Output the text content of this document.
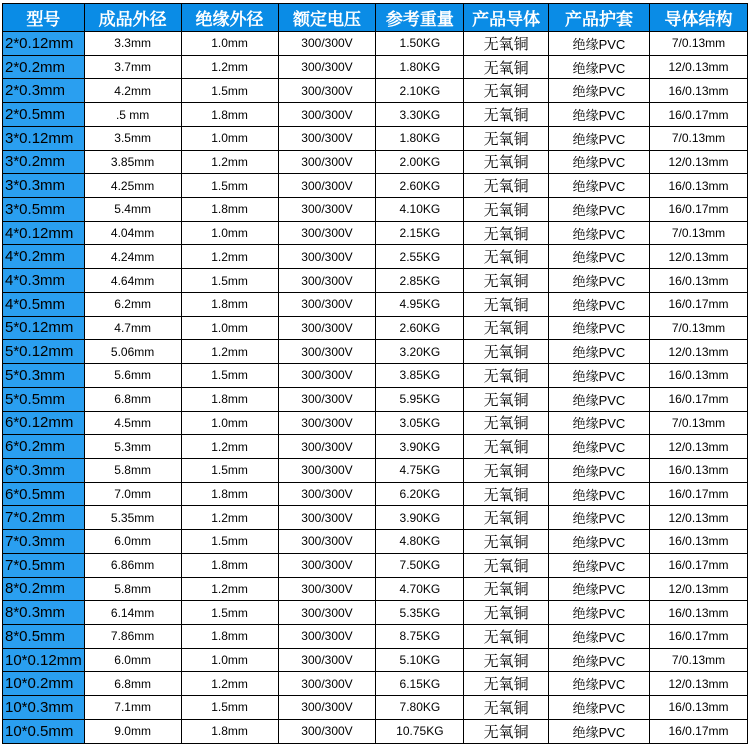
型号	成品外径	绝缘外径	额定电压	参考重量	产品导体	产品护套	导体结构
2*0.12mm	3.3mm	1.0mm	300/300V	1.50KG	无氧铜	绝缘PVC	7/0.13mm
2*0.2mm	3.7mm	1.2mm	300/300V	1.80KG	无氧铜	绝缘PVC	12/0.13mm
2*0.3mm	4.2mm	1.5mm	300/300V	2.10KG	无氧铜	绝缘PVC	16/0.13mm
2*0.5mm	.5 mm	1.8mm	300/300V	3.30KG	无氧铜	绝缘PVC	16/0.17mm
3*0.12mm	3.5mm	1.0mm	300/300V	1.80KG	无氧铜	绝缘PVC	7/0.13mm
3*0.2mm	3.85mm	1.2mm	300/300V	2.00KG	无氧铜	绝缘PVC	12/0.13mm
3*0.3mm	4.25mm	1.5mm	300/300V	2.60KG	无氧铜	绝缘PVC	16/0.13mm
3*0.5mm	5.4mm	1.8mm	300/300V	4.10KG	无氧铜	绝缘PVC	16/0.17mm
4*0.12mm	4.04mm	1.0mm	300/300V	2.15KG	无氧铜	绝缘PVC	7/0.13mm
4*0.2mm	4.24mm	1.2mm	300/300V	2.55KG	无氧铜	绝缘PVC	12/0.13mm
4*0.3mm	4.64mm	1.5mm	300/300V	2.85KG	无氧铜	绝缘PVC	16/0.13mm
4*0.5mm	6.2mm	1.8mm	300/300V	4.95KG	无氧铜	绝缘PVC	16/0.17mm
5*0.12mm	4.7mm	1.0mm	300/300V	2.60KG	无氧铜	绝缘PVC	7/0.13mm
5*0.12mm	5.06mm	1.2mm	300/300V	3.20KG	无氧铜	绝缘PVC	12/0.13mm
5*0.3mm	5.6mm	1.5mm	300/300V	3.85KG	无氧铜	绝缘PVC	16/0.13mm
5*0.5mm	6.8mm	1.8mm	300/300V	5.95KG	无氧铜	绝缘PVC	16/0.17mm
6*0.12mm	4.5mm	1.0mm	300/300V	3.05KG	无氧铜	绝缘PVC	7/0.13mm
6*0.2mm	5.3mm	1.2mm	300/300V	3.90KG	无氧铜	绝缘PVC	12/0.13mm
6*0.3mm	5.8mm	1.5mm	300/300V	4.75KG	无氧铜	绝缘PVC	16/0.13mm
6*0.5mm	7.0mm	1.8mm	300/300V	6.20KG	无氧铜	绝缘PVC	16/0.17mm
7*0.2mm	5.35mm	1.2mm	300/300V	3.90KG	无氧铜	绝缘PVC	12/0.13mm
7*0.3mm	6.0mm	1.5mm	300/300V	4.80KG	无氧铜	绝缘PVC	16/0.13mm
7*0.5mm	6.86mm	1.8mm	300/300V	7.50KG	无氧铜	绝缘PVC	16/0.17mm
8*0.2mm	5.8mm	1.2mm	300/300V	4.70KG	无氧铜	绝缘PVC	12/0.13mm
8*0.3mm	6.14mm	1.5mm	300/300V	5.35KG	无氧铜	绝缘PVC	16/0.13mm
8*0.5mm	7.86mm	1.8mm	300/300V	8.75KG	无氧铜	绝缘PVC	16/0.17mm
10*0.12mm	6.0mm	1.0mm	300/300V	5.10KG	无氧铜	绝缘PVC	7/0.13mm
10*0.2mm	6.8mm	1.2mm	300/300V	6.15KG	无氧铜	绝缘PVC	12/0.13mm
10*0.3mm	7.1mm	1.5mm	300/300V	7.80KG	无氧铜	绝缘PVC	16/0.13mm
10*0.5mm	9.0mm	1.8mm	300/300V	10.75KG	无氧铜	绝缘PVC	16/0.17mm
